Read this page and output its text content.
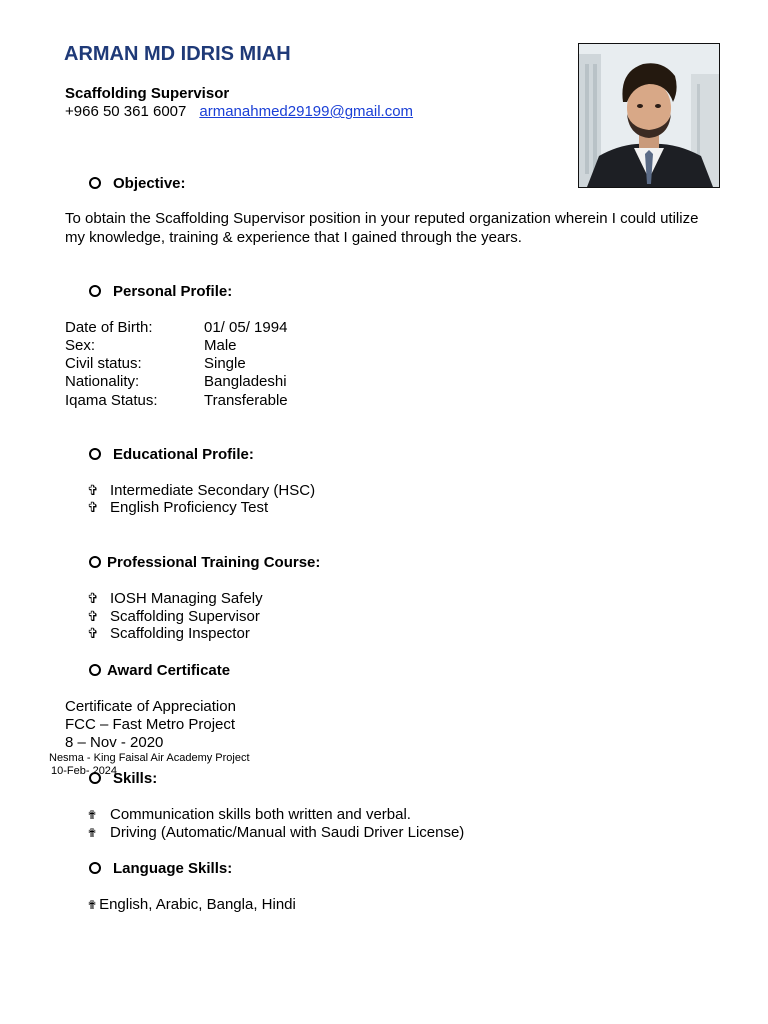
ARMAN MD IDRIS MIAH
Scaffolding Supervisor
+966 50 361 6007 armanahmed29199@gmail.com
Objective:
To obtain the Scaffolding Supervisor position in your reputed organization wherein I could utilize my knowledge, training & experience that I gained through the years.
Personal Profile:
Date of Birth:	01/ 05/ 1994
Sex:	Male
Civil status:	Single
Nationality:	Bangladeshi
Iqama Status:	Transferable
Educational Profile:
✞ Intermediate Secondary (HSC)
✞ English Proficiency Test
Professional Training Course:
✞ IOSH Managing Safely
✞ Scaffolding Supervisor
✞ Scaffolding Inspector
Award Certificate
Certificate of Appreciation
FCC – Fast Metro Project
8 – Nov - 2020
Nesma - King Faisal Air Academy Project
Skills:
10-Feb- 2024
✟ Communication skills both written and verbal.
✟ Driving (Automatic/Manual with Saudi Driver License)
Language Skills:
✟ English, Arabic, Bangla, Hindi
